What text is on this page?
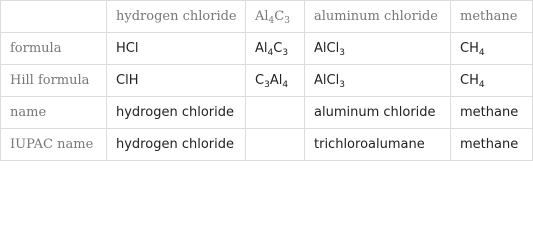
	hydrogen chloride	$Al_4C_3$	aluminum chloride	methane
formula	HCl	$Al_4C_3$	AlCl$_3$	$CH_4$
Hill formula	ClH	$C_3Al_4$	AlCl$_3$	$CH_4$
name	hydrogen chloride		aluminum chloride	methane
IUPAC name	hydrogen chloride		trichloroalumane	methane
